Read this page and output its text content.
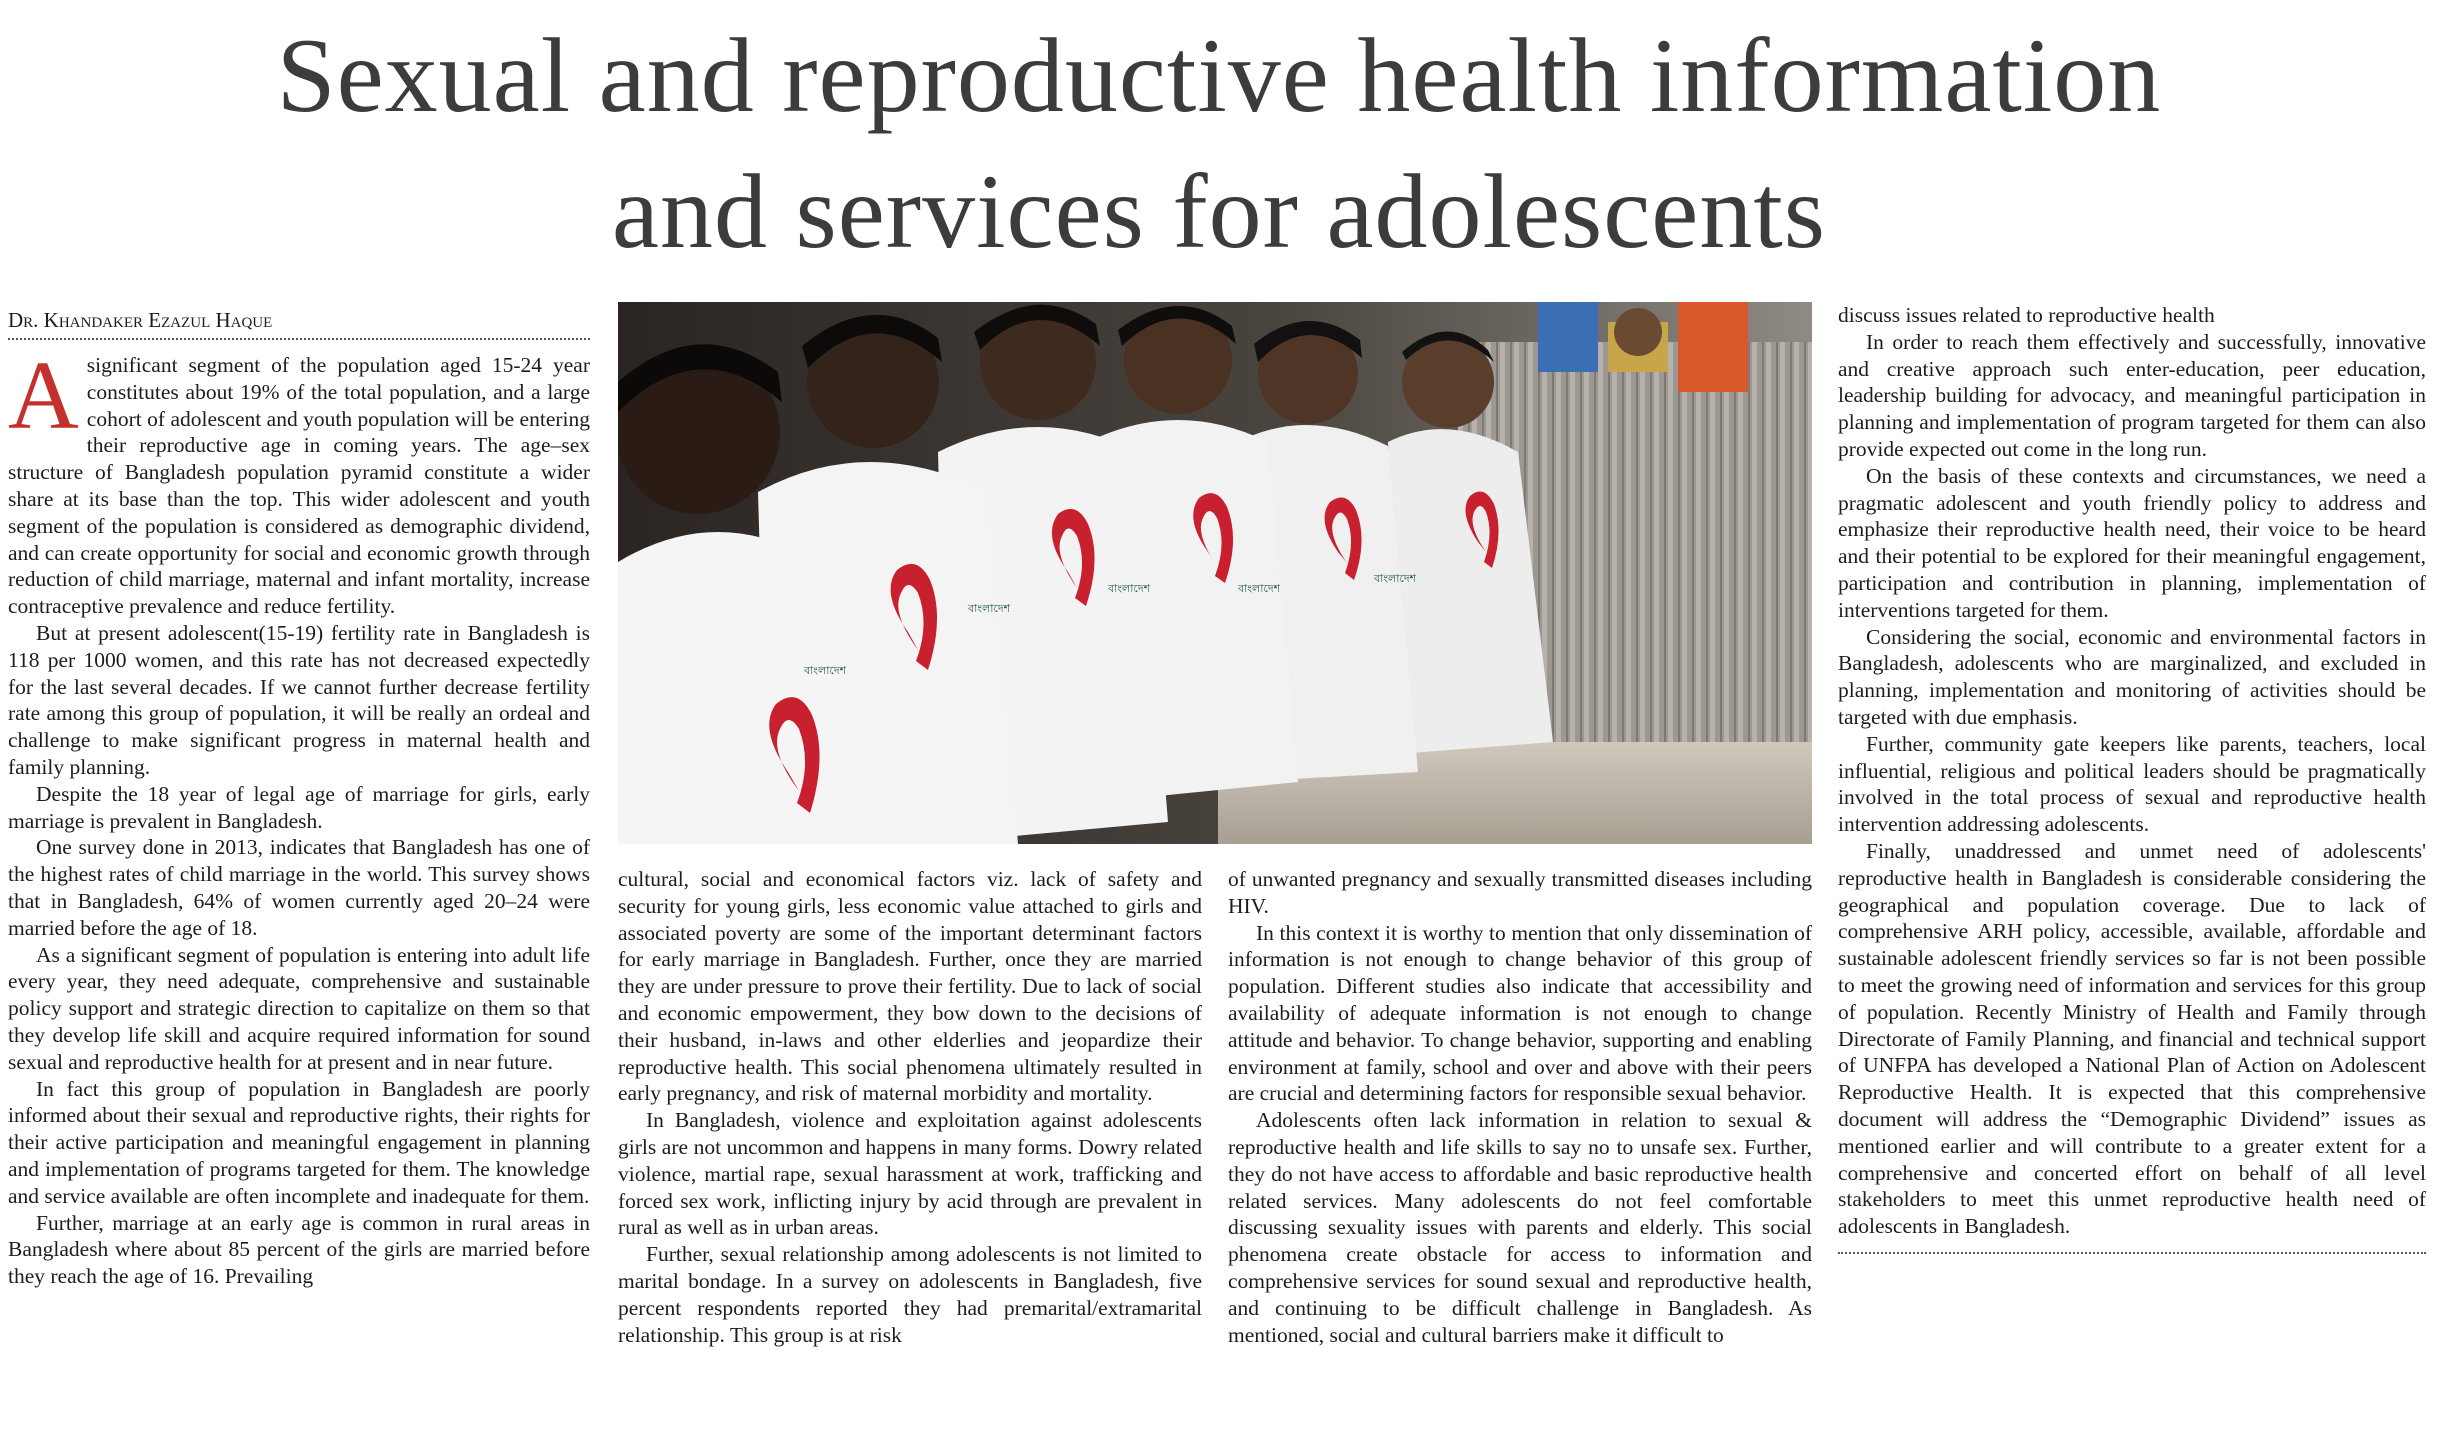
Sexual and reproductive health information
and services for adolescents
Dr. Khandaker Ezazul Haque

Asignificant segment of the population aged 15-24 year constitutes about 19% of the total population, and a large cohort of adolescent and youth population will be entering their reproductive age in coming years. The age–sex structure of Bangladesh population pyramid constitute a wider share at its base than the top. This wider adolescent and youth segment of the population is considered as demographic dividend, and can create opportunity for social and economic growth through reduction of child marriage, maternal and infant mortality, increase contraceptive prevalence and reduce fertility.

But at present adolescent(15-19) fertility rate in Bangladesh is 118 per 1000 women, and this rate has not decreased expectedly for the last several decades. If we cannot further decrease fertility rate among this group of population, it will be really an ordeal and challenge to make significant progress in maternal health and family planning.

Despite the 18 year of legal age of marriage for girls, early marriage is prevalent in Bangladesh.

One survey done in 2013, indicates that Bangladesh has one of the highest rates of child marriage in the world. This survey shows that in Bangladesh, 64% of women currently aged 20–24 were married before the age of 18.

As a significant segment of population is entering into adult life every year, they need adequate, comprehensive and sustainable policy support and strategic direction to capitalize on them so that they develop life skill and acquire required information for sound sexual and reproductive health for at present and in near future.

In fact this group of population in Bangladesh are poorly informed about their sexual and reproductive rights, their rights for their active participation and meaningful engagement in planning and implementation of programs targeted for them. The knowledge and service available are often incomplete and inadequate for them.

Further, marriage at an early age is common in rural areas in Bangladesh where about 85 percent of the girls are married before they reach the age of 16. Prevailing

বাংলাদেশ
বাংলাদেশ
বাংলাদেশ	বাংলাদেশ
বাংলাদেশ

cultural, social and economical factors viz. lack of safety and security for young girls, less economic value attached to girls and associated poverty are some of the important determinant factors for early marriage in Bangladesh. Further, once they are married they are under pressure to prove their fertility. Due to lack of social and economic empowerment, they bow down to the decisions of their husband, in-laws and other elderlies and jeopardize their reproductive health. This social phenomena ultimately resulted in early pregnancy, and risk of maternal morbidity and mortality.

In Bangladesh, violence and exploitation against adolescents girls are not uncommon and happens in many forms. Dowry related violence, martial rape, sexual harassment at work, trafficking and forced sex work, inflicting injury by acid through are prevalent in rural as well as in urban areas.

Further, sexual relationship among adolescents is not limited to marital bondage. In a survey on adolescents in Bangladesh, five percent respondents reported they had premarital/extramarital relationship. This group is at risk

of unwanted pregnancy and sexually transmitted diseases including HIV.

In this context it is worthy to mention that only dissemination of information is not enough to change behavior of this group of population. Different studies also indicate that accessibility and availability of adequate information is not enough to change attitude and behavior. To change behavior, supporting and enabling environment at family, school and over and above with their peers are crucial and determining factors for responsible sexual behavior.

Adolescents often lack information in relation to sexual & reproductive health and life skills to say no to unsafe sex. Further, they do not have access to affordable and basic reproductive health related services. Many adolescents do not feel comfortable discussing sexuality issues with parents and elderly. This social phenomena create obstacle for access to information and comprehensive services for sound sexual and reproductive health, and continuing to be difficult challenge in Bangladesh. As mentioned, social and cultural barriers make it difficult to

discuss issues related to reproductive health

In order to reach them effectively and successfully, innovative and creative approach such enter-education, peer education, leadership building for advocacy, and meaningful participation in planning and implementation of program targeted for them can also provide expected out come in the long run.

On the basis of these contexts and circumstances, we need a pragmatic adolescent and youth friendly policy to address and emphasize their reproductive health need, their voice to be heard and their potential to be explored for their meaningful engagement, participation and contribution in planning, implementation of interventions targeted for them.

Considering the social, economic and environmental factors in Bangladesh, adolescents who are marginalized, and excluded in planning, implementation and monitoring of activities should be targeted with due emphasis.

Further, community gate keepers like parents, teachers, local influential, religious and political leaders should be pragmatically involved in the total process of sexual and reproductive health intervention addressing adolescents.

Finally, unaddressed and unmet need of adolescents' reproductive health in Bangladesh is considerable considering the geographical and population coverage. Due to lack of comprehensive ARH policy, accessible, available, affordable and sustainable adolescent friendly services so far is not been possible to meet the growing need of information and services for this group of population. Recently Ministry of Health and Family through Directorate of Family Planning, and financial and technical support of UNFPA has developed a National Plan of Action on Adolescent Reproductive Health. It is expected that this comprehensive document will address the “Demographic Dividend” issues as mentioned earlier and will contribute to a greater extent for a comprehensive and concerted effort on behalf of all level stakeholders to meet this unmet reproductive health need of adolescents in Bangladesh.
